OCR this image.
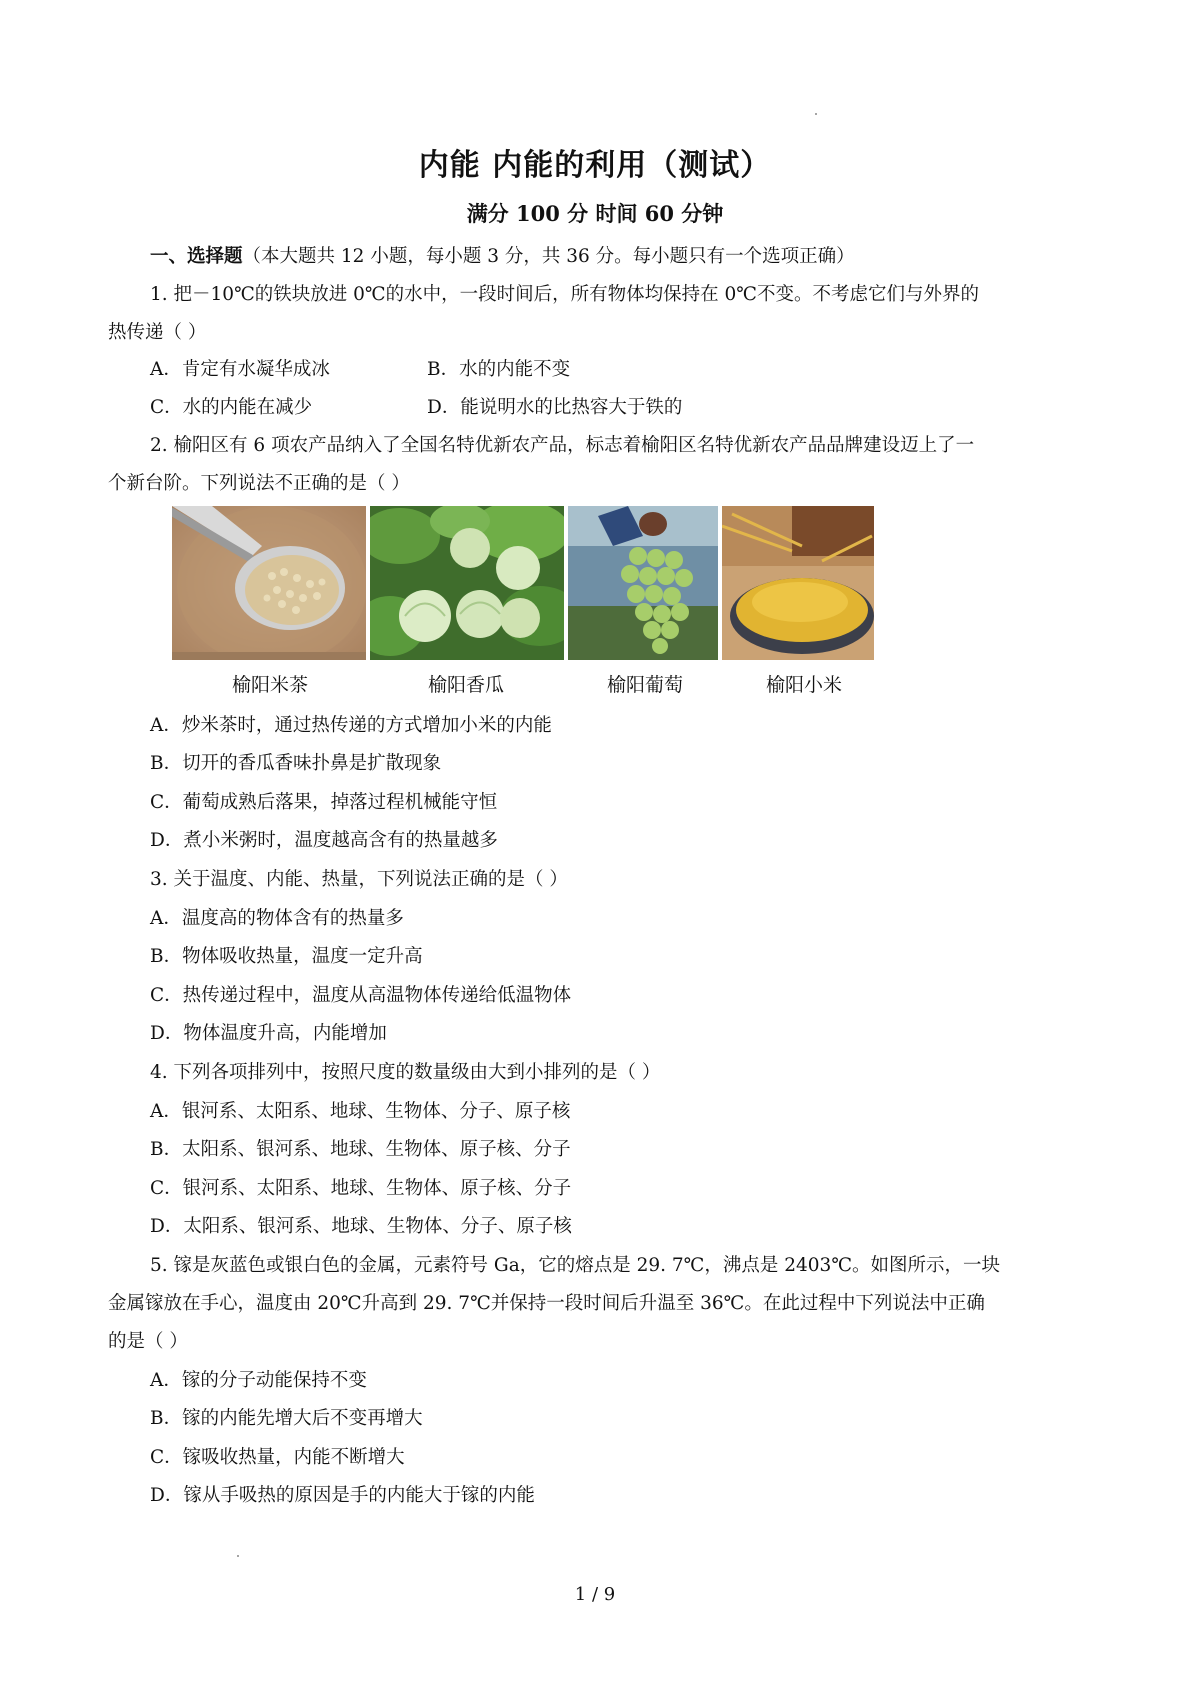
内能 内能的利用（测试）
满分 100 分 时间 60 分钟
一、选择题（本大题共 12 小题，每小题 3 分，共 36 分。每小题只有一个选项正确）
1. 把－10℃的铁块放进 0℃的水中，一段时间后，所有物体均保持在 0℃不变。不考虑它们与外界的
热传递（ ）
A．肯定有水凝华成冰	B．水的内能不变
C．水的内能在减少	D．能说明水的比热容大于铁的
2. 榆阳区有 6 项农产品纳入了全国名特优新农产品，标志着榆阳区名特优新农产品品牌建设迈上了一
个新台阶。下列说法不正确的是（ ）
榆阳米茶	榆阳香瓜	榆阳葡萄	榆阳小米
A．炒米茶时，通过热传递的方式增加小米的内能
B．切开的香瓜香味扑鼻是扩散现象
C．葡萄成熟后落果，掉落过程机械能守恒
D．煮小米粥时，温度越高含有的热量越多
3. 关于温度、内能、热量，下列说法正确的是（ ）
A．温度高的物体含有的热量多
B．物体吸收热量，温度一定升高
C．热传递过程中，温度从高温物体传递给低温物体
D．物体温度升高，内能增加
4. 下列各项排列中，按照尺度的数量级由大到小排列的是（ ）
A．银河系、太阳系、地球、生物体、分子、原子核
B．太阳系、银河系、地球、生物体、原子核、分子
C．银河系、太阳系、地球、生物体、原子核、分子
D．太阳系、银河系、地球、生物体、分子、原子核
5. 镓是灰蓝色或银白色的金属，元素符号 Ga，它的熔点是 29. 7℃，沸点是 2403℃。如图所示，一块
金属镓放在手心，温度由 20℃升高到 29. 7℃并保持一段时间后升温至 36℃。在此过程中下列说法中正确
的是（ ）
A．镓的分子动能保持不变
B．镓的内能先增大后不变再增大
C．镓吸收热量，内能不断增大
D．镓从手吸热的原因是手的内能大于镓的内能
1 / 9
